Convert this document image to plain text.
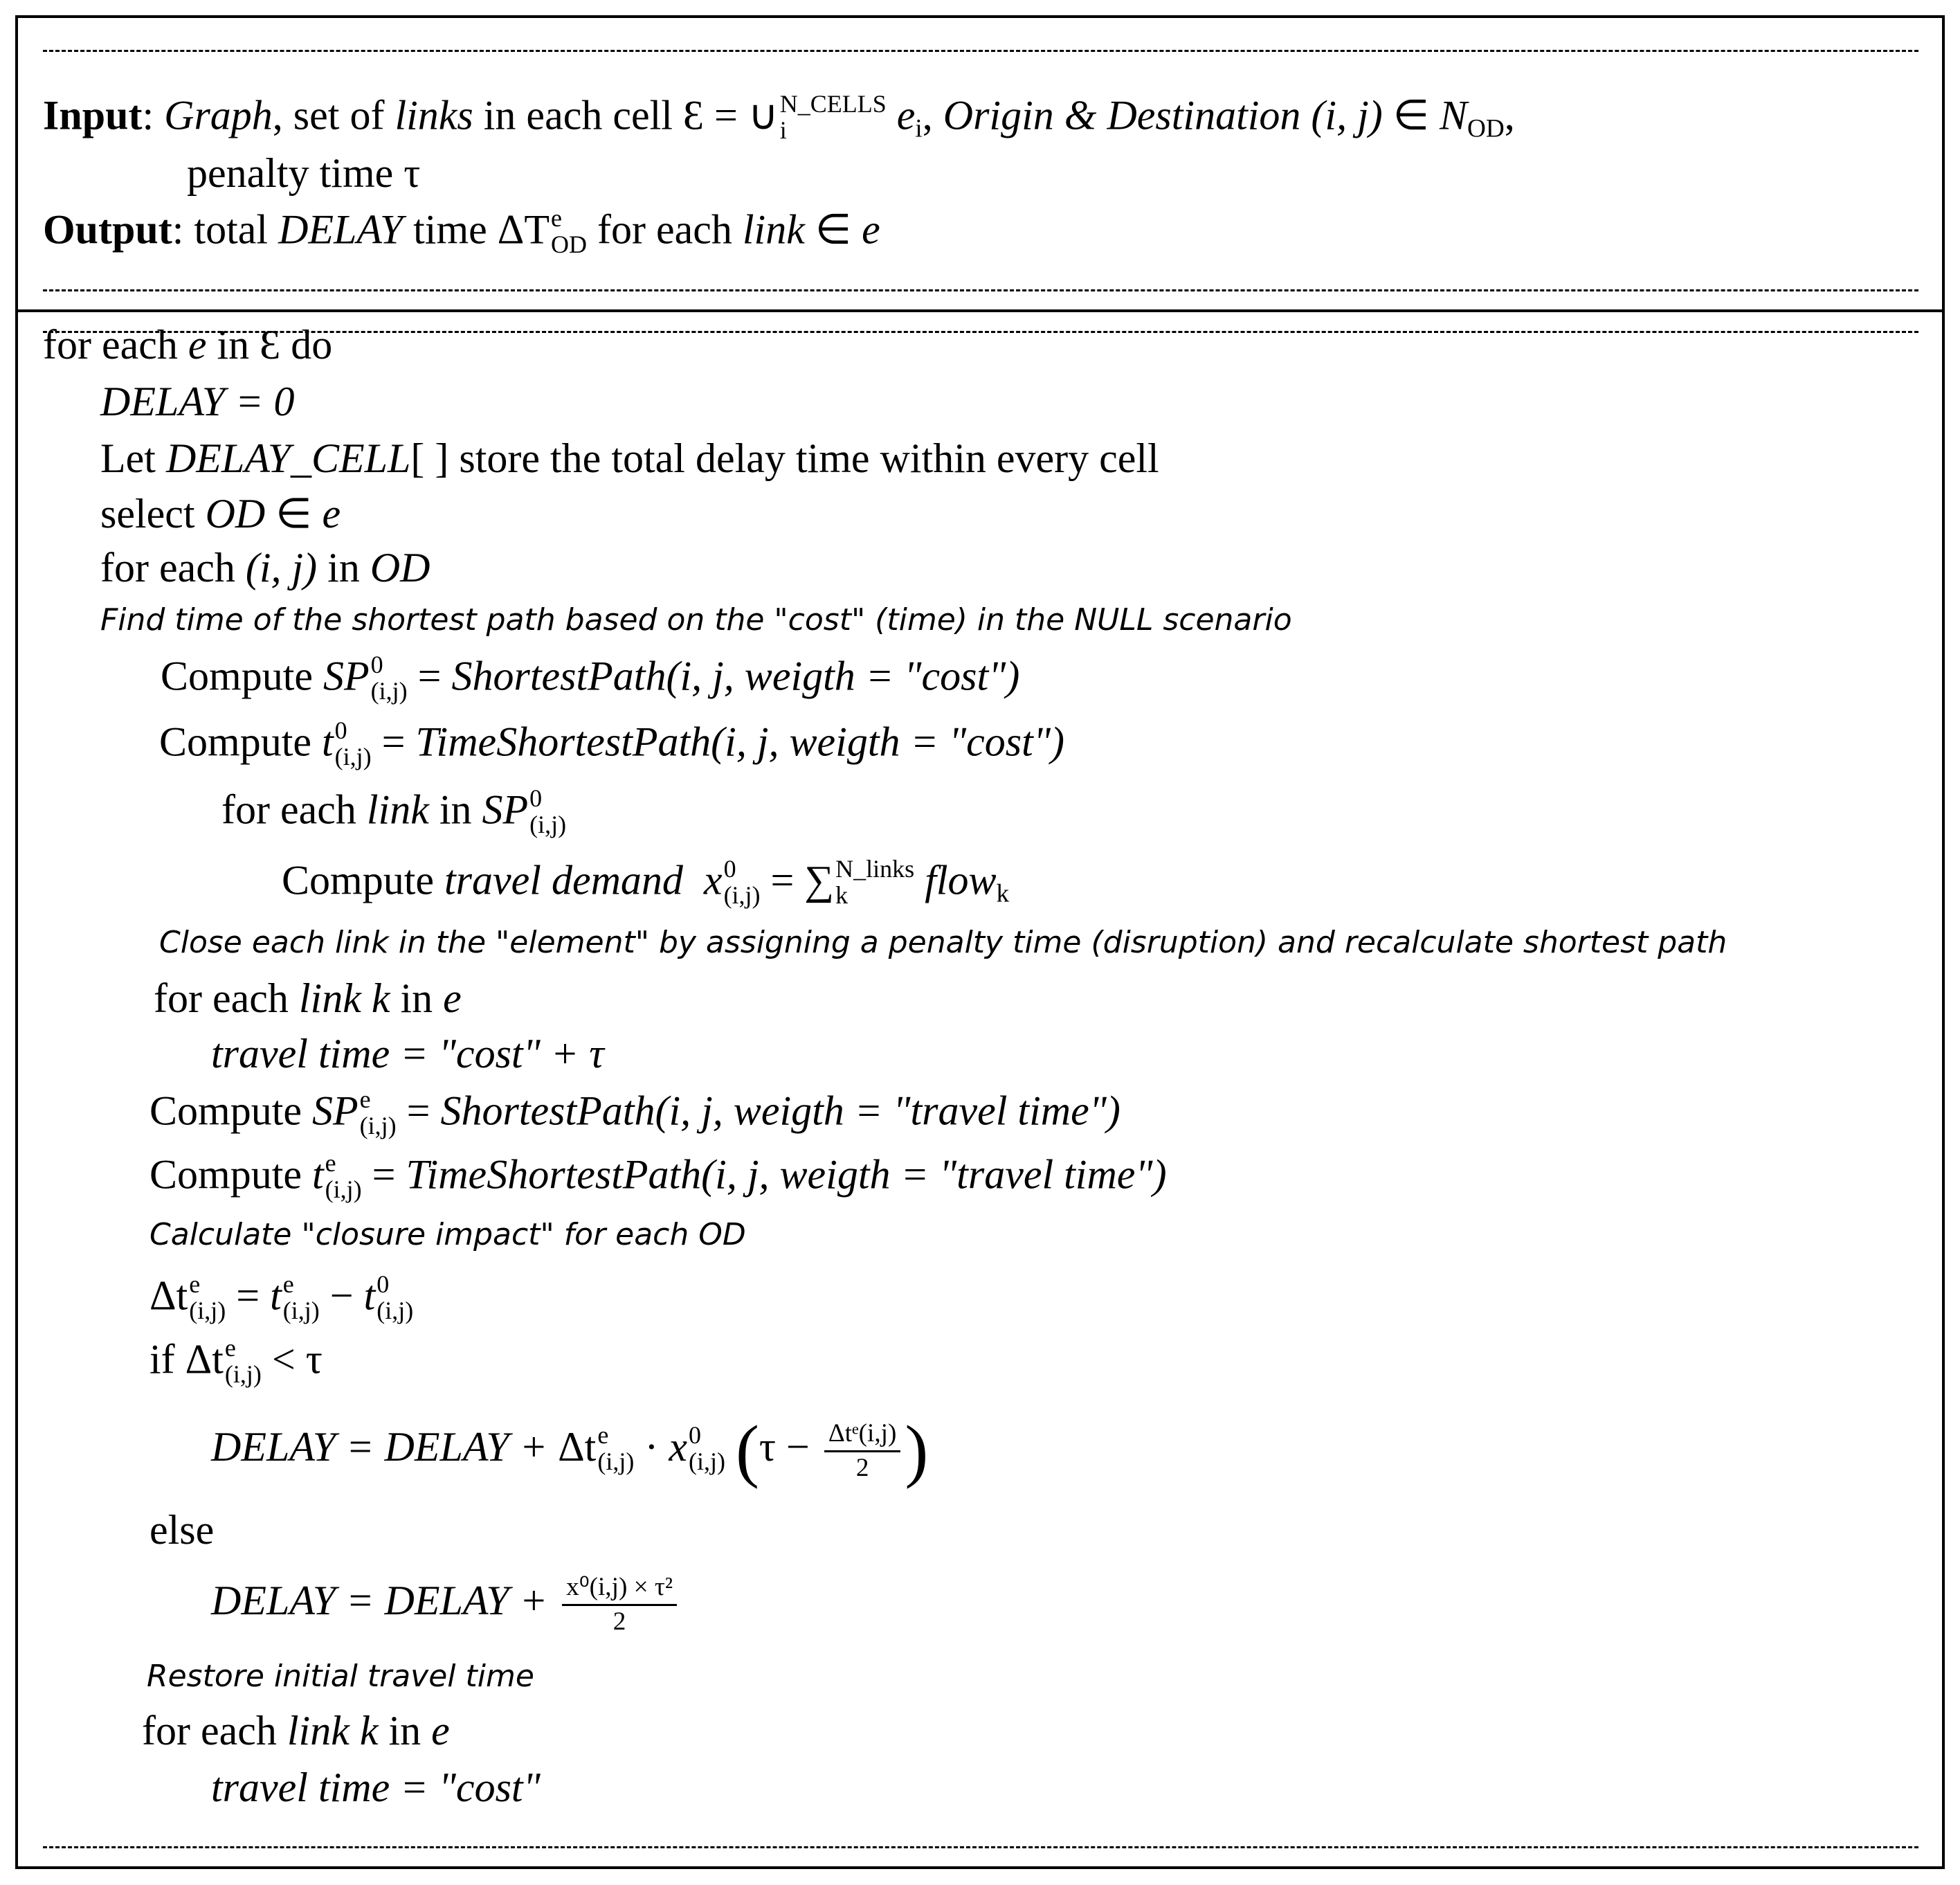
Input: Graph, set of links in each cell Ɛ = ∪ N_CELLS
i	$e_i$, Origin & Destination (i, j) ∈ $N_{OD}$,
penalty time τ
Output: total DELAY time ΔT e
OD for each link ∈ e
for each e in Ɛ do
DELAY = 0
Let DELAY_CELL[ ] store the total delay time within every cell
select OD ∈ e
for each (i, j) in OD
Find time of the shortest path based on the "cost" (time) in the NULL scenario
Compute SP 0
(i,j) = ShortestPath(i, j, weigth = "cost")
Compute t 0
(i,j) = TimeShortestPath(i, j, weigth = "cost")
for each link in SP 0
(i,j)
Compute travel demand x 0
(i,j) = ∑ N_links
k	flow$_k$
Close each link in the "element" by assigning a penalty time (disruption) and recalculate shortest path
for each link k in e
travel time = "cost" + τ
Compute SP e
(i,j) = ShortestPath(i, j, weigth = "travel time")
Compute t e
(i,j) = TimeShortestPath(i, j, weigth = "travel time")
Calculate "closure impact" for each OD
Δt e
(i,j) = t e
(i,j) − t 0
(i,j)
if Δt e
(i,j) < τ
DELAY = DELAY + Δt e
(i,j) · x 0
(i,j) ($\tau - \frac{\text{Δtᵉ(i,j)}}{2}$ )
else
DELAY = DELAY + $\frac{\text{x⁰(i,j) × τ²}}{2}$
Restore initial travel time
for each link k in e
travel time = "cost"
